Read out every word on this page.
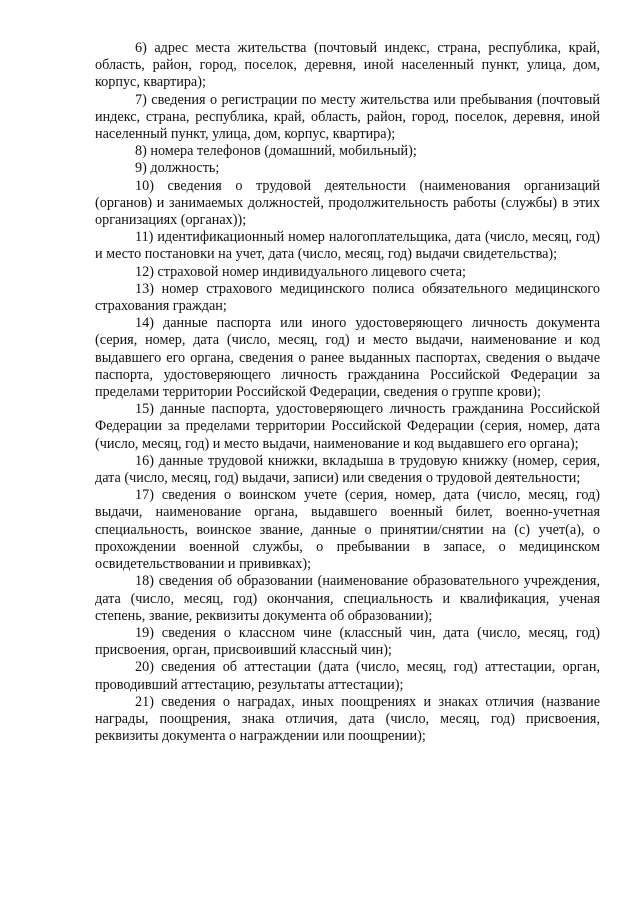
6) адрес места жительства (почтовый индекс, страна, республика, край, область, район, город, поселок, деревня, иной населенный пункт, улица, дом, корпус, квартира);

7) сведения о регистрации по месту жительства или пребывания (почтовый индекс, страна, республика, край, область, район, город, поселок, деревня, иной населенный пункт, улица, дом, корпус, квартира);

8) номера телефонов (домашний, мобильный);

9) должность;

10) сведения о трудовой деятельности (наименования организаций (органов) и занимаемых должностей, продолжительность работы (службы) в этих организациях (органах));

11) идентификационный номер налогоплательщика, дата (число, месяц, год) и место постановки на учет, дата (число, месяц, год) выдачи свидетельства);

12) страховой номер индивидуального лицевого счета;

13) номер страхового медицинского полиса обязательного медицинского страхования граждан;

14) данные паспорта или иного удостоверяющего личность документа (серия, номер, дата (число, месяц, год) и место выдачи, наименование и код выдавшего его органа, сведения о ранее выданных паспортах, сведения о выдаче паспорта, удостоверяющего личность гражданина Российской Федерации за пределами территории Российской Федерации, сведения о группе крови);

15) данные паспорта, удостоверяющего личность гражданина Российской Федерации за пределами территории Российской Федерации (серия, номер, дата (число, месяц, год) и место выдачи, наименование и код выдавшего его органа);

16) данные трудовой книжки, вкладыша в трудовую книжку (номер, серия, дата (число, месяц, год) выдачи, записи) или сведения о трудовой деятельности;

17) сведения о воинском учете (серия, номер, дата (число, месяц, год) выдачи, наименование органа, выдавшего военный билет, военно-учетная специальность, воинское звание, данные о принятии/снятии на (с) учет(а), о прохождении военной службы, о пребывании в запасе, о медицинском освидетельствовании и прививках);

18) сведения об образовании (наименование образовательного учреждения, дата (число, месяц, год) окончания, специальность и квалификация, ученая степень, звание, реквизиты документа об образовании);

19) сведения о классном чине (классный чин, дата (число, месяц, год) присвоения, орган, присвоивший классный чин);

20) сведения об аттестации (дата (число, месяц, год) аттестации, орган, проводивший аттестацию, результаты аттестации);

21) сведения о наградах, иных поощрениях и знаках отличия (название награды, поощрения, знака отличия, дата (число, месяц, год) присвоения, реквизиты документа о награждении или поощрении);
